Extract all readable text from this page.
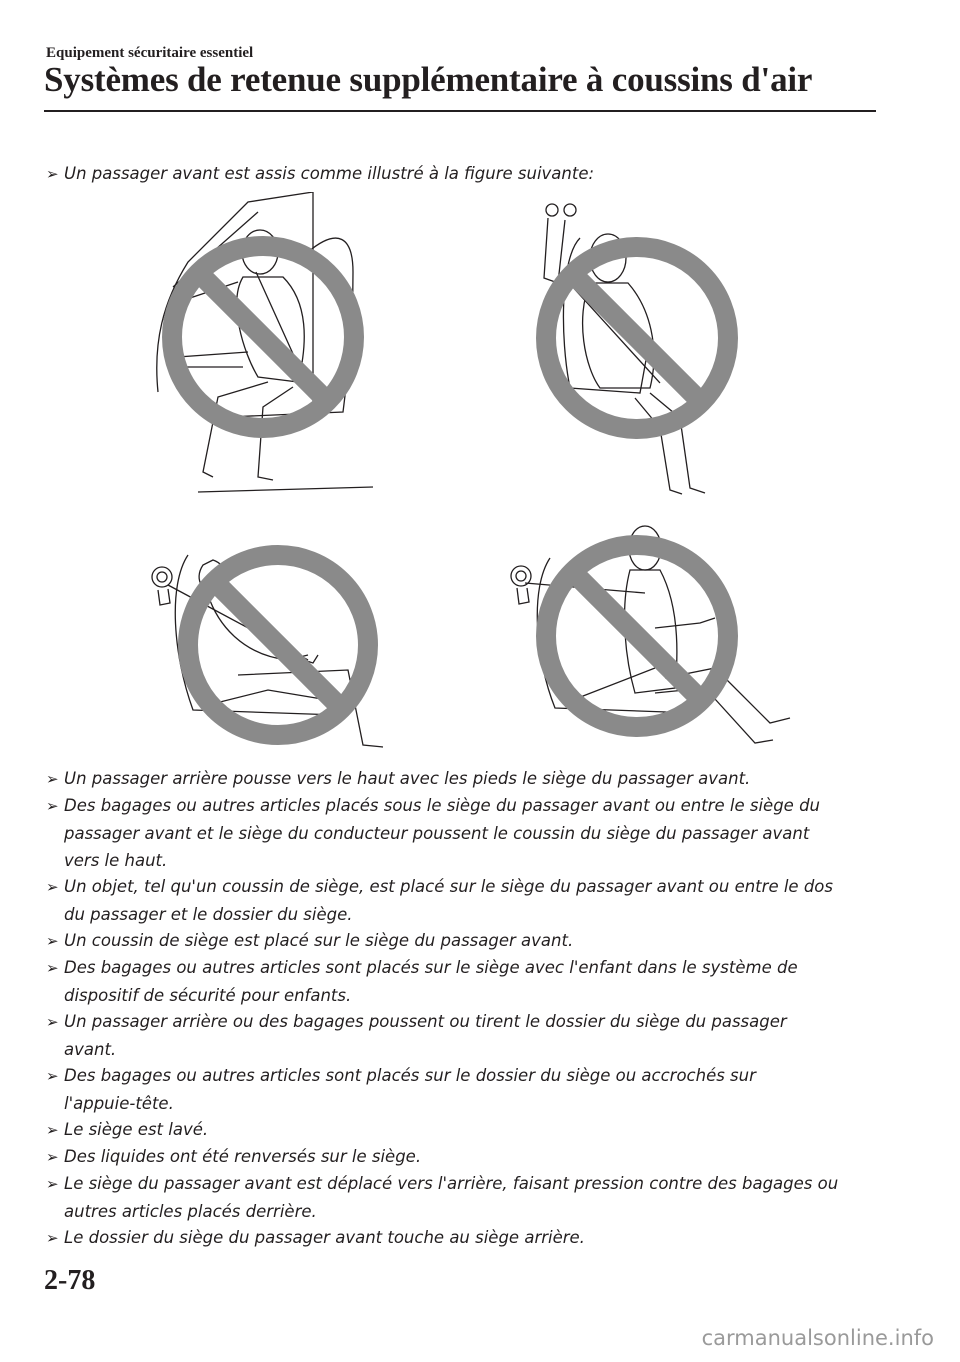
Equipement sécuritaire essentiel
Systèmes de retenue supplémentaire à coussins d'air
➢ Un passager avant est assis comme illustré à la figure suivante:
➢ Un passager arrière pousse vers le haut avec les pieds le siège du passager avant.
➢ Des bagages ou autres articles placés sous le siège du passager avant ou entre le siège du
passager avant et le siège du conducteur poussent le coussin du siège du passager avant
vers le haut.
➢ Un objet, tel qu'un coussin de siège, est placé sur le siège du passager avant ou entre le dos
du passager et le dossier du siège.
➢ Un coussin de siège est placé sur le siège du passager avant.
➢ Des bagages ou autres articles sont placés sur le siège avec l'enfant dans le système de
dispositif de sécurité pour enfants.
➢ Un passager arrière ou des bagages poussent ou tirent le dossier du siège du passager
avant.
➢ Des bagages ou autres articles sont placés sur le dossier du siège ou accrochés sur
l'appuie-tête.
➢ Le siège est lavé.
➢ Des liquides ont été renversés sur le siège.
➢ Le siège du passager avant est déplacé vers l'arrière, faisant pression contre des bagages ou
autres articles placés derrière.
➢ Le dossier du siège du passager avant touche au siège arrière.
2-78
carmanualsonline.info
